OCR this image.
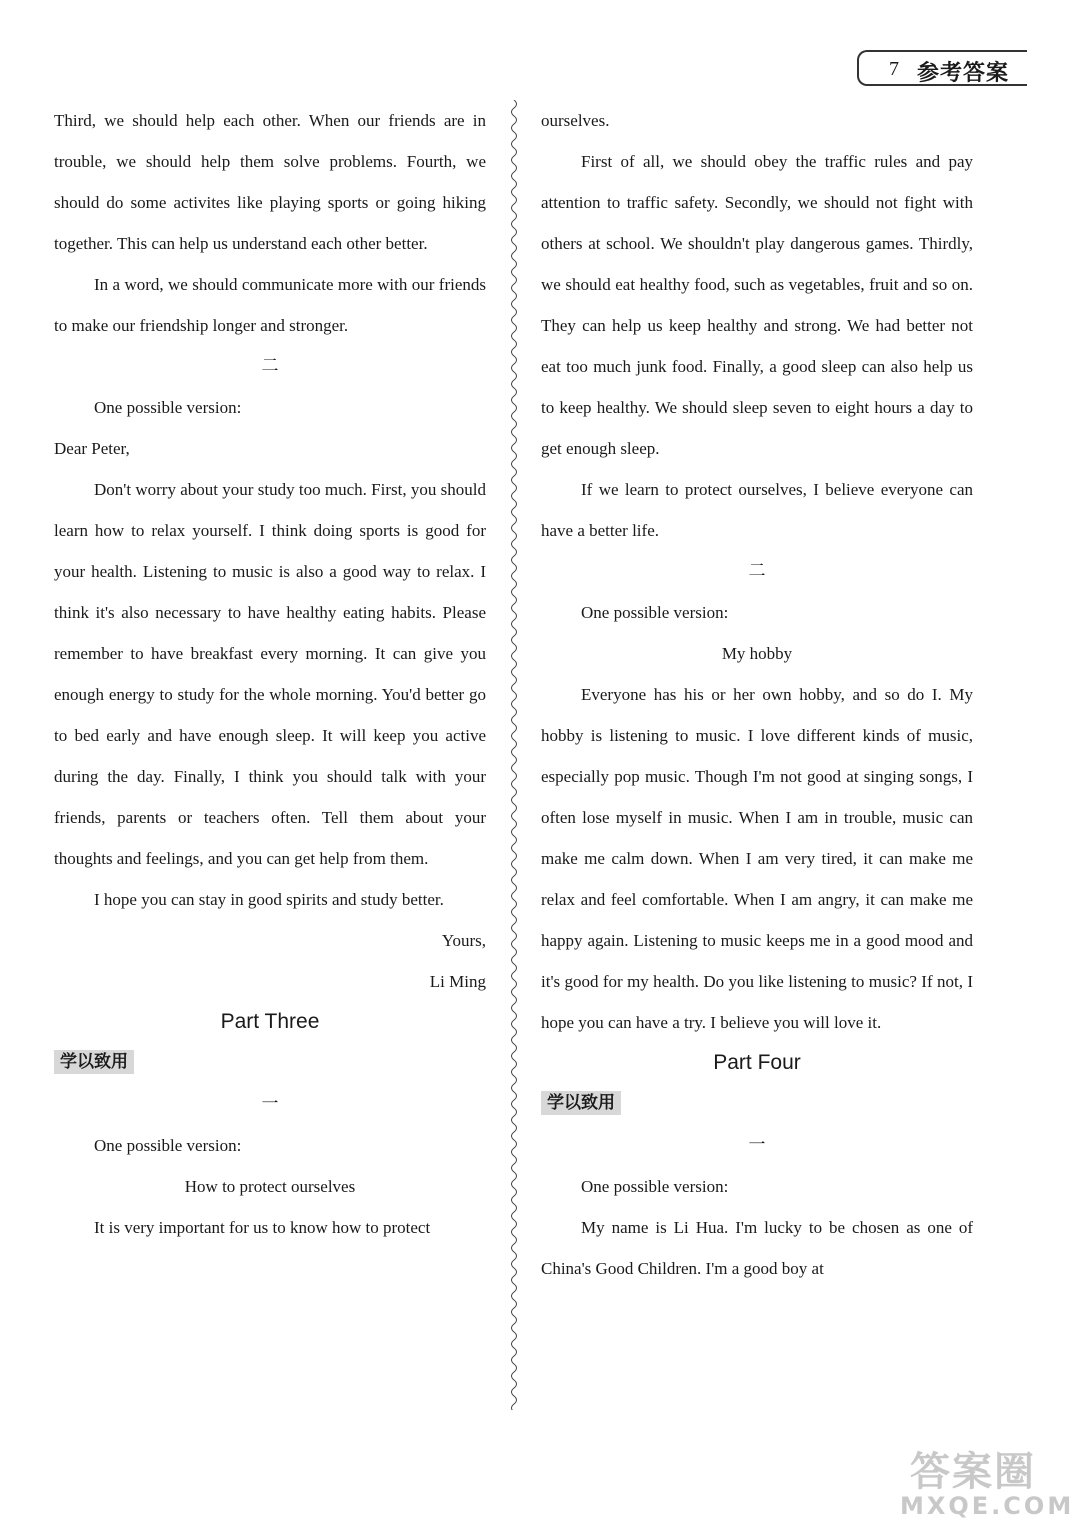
7 参考答案

Third, we should help each other. When our friends are in trouble, we should help them solve problems. Fourth, we should do some activites like playing sports or going hiking together. This can help us understand each other better.

In a word, we should communicate more with our friends to make our friendship longer and stronger.

二

One possible version:

Dear Peter,

Don't worry about your study too much. First, you should learn how to relax yourself. I think doing sports is good for your health. Listening to music is also a good way to relax. I think it's also necessary to have healthy eating habits. Please remember to have breakfast every morning. It can give you enough energy to study for the whole morning. You'd better go to bed early and have enough sleep. It will keep you active during the day. Finally, I think you should talk with your friends, parents or teachers often. Tell them about your thoughts and feelings, and you can get help from them.

I hope you can stay in good spirits and study better.

Yours,

Li Ming

Part Three
学以致用
一

One possible version:

How to protect ourselves

It is very important for us to know how to protect

ourselves.

First of all, we should obey the traffic rules and pay attention to traffic safety. Secondly, we should not fight with others at school. We shouldn't play dangerous games. Thirdly, we should eat healthy food, such as vegetables, fruit and so on. They can help us keep healthy and strong. We had better not eat too much junk food. Finally, a good sleep can also help us to keep healthy. We should sleep seven to eight hours a day to get enough sleep.

If we learn to protect ourselves, I believe everyone can have a better life.

二

One possible version:

My hobby

Everyone has his or her own hobby, and so do I. My hobby is listening to music. I love different kinds of music, especially pop music. Though I'm not good at singing songs, I often lose myself in music. When I am in trouble, music can make me calm down. When I am very tired, it can make me relax and feel comfortable. When I am angry, it can make me happy again. Listening to music keeps me in a good mood and it's good for my health. Do you like listening to music? If not, I hope you can have a try. I believe you will love it.

Part Four
学以致用
一

One possible version:

My name is Li Hua. I'm lucky to be chosen as one of China's Good Children. I'm a good boy at

答案圈
MXQE.COM
